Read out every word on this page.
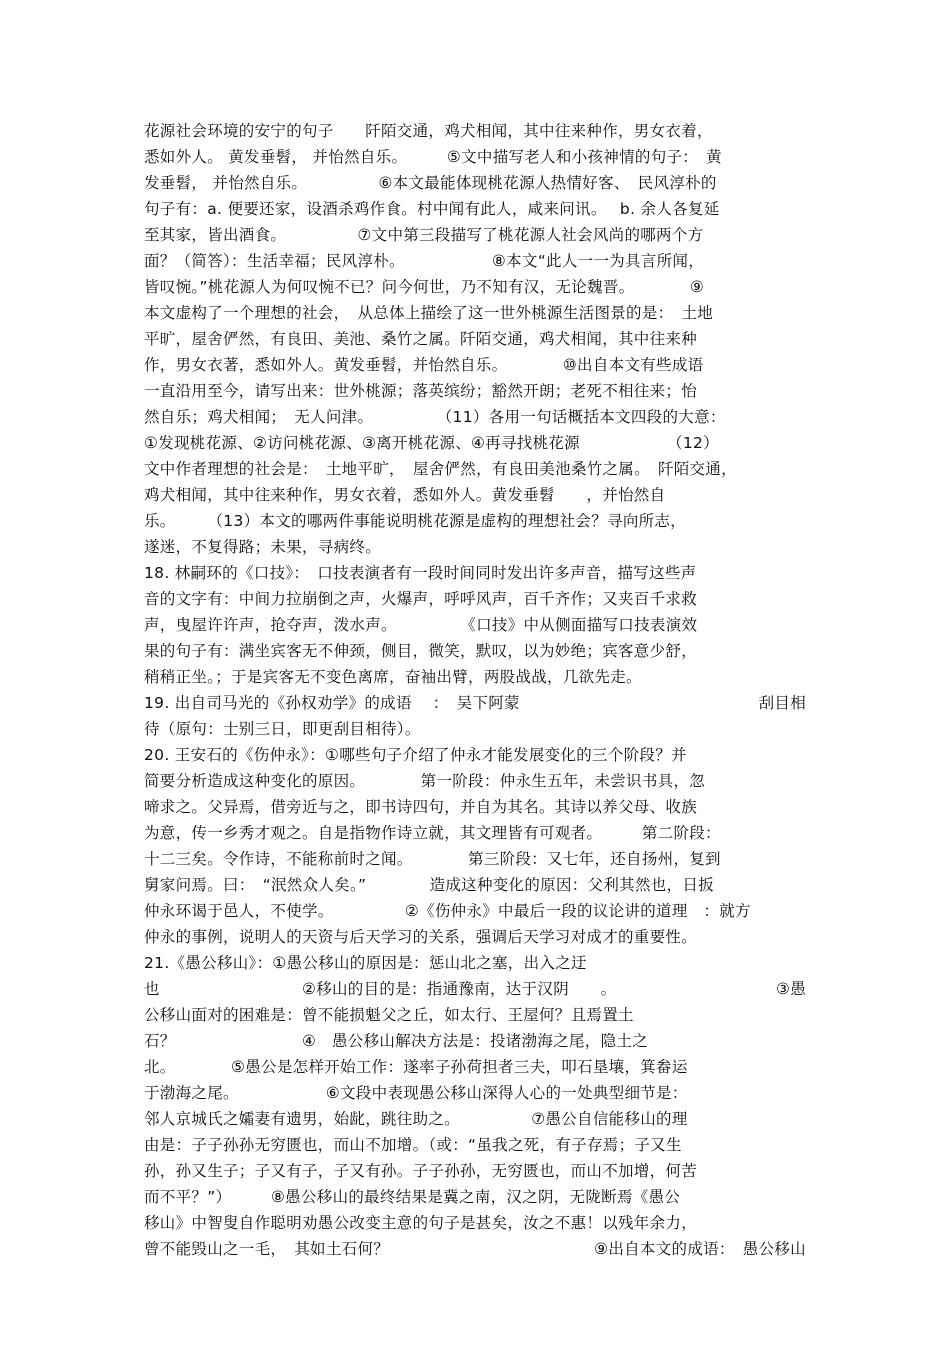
花源社会环境的安宁的句子　　阡陌交通，鸡犬相闻，其中往来种作，男女衣着，
悉如外人。 黄发垂髫， 并怡然自乐。　　　⑤文中描写老人和小孩神情的句子：　黄
发垂髫， 并怡然自乐。　　　　　⑥本文最能体现桃花源人热情好客、　民风淳朴的
句子有：a. 便要还家，设酒杀鸡作食。村中闻有此人，咸来问讯。　 b. 余人各复延
至其家，皆出酒食。　　　　　⑦文中第三段描写了桃花源人社会风尚的哪两个方
面？（简答）：生活幸福；民风淳朴。　　　　　　⑧本文“此人一一为具言所闻，
皆叹惋。”桃花源人为何叹惋不已？问今何世，乃不知有汉，无论魏晋。　　　　⑨
本文虚构了一个理想的社会，　从总体上描绘了这一世外桃源生活图景的是：　土地
平旷，屋舍俨然，有良田、美池、桑竹之属。阡陌交通，鸡犬相闻，其中往来种
作，男女衣著，悉如外人。黄发垂髫，并怡然自乐。　　　　⑩出自本文有些成语
一直沿用至今，请写出来：世外桃源；落英缤纷；豁然开朗；老死不相往来；怡
然自乐；鸡犬相闻；　无人问津。　　　　　（11）各用一句话概括本文四段的大意：
①发现桃花源、②访问桃花源、③离开桃花源、④再寻找桃花源　　　　　　（12）
文中作者理想的社会是：　土地平旷，　屋舍俨然，有良田美池桑竹之属。　阡陌交通，
鸡犬相闻，其中往来种作，男女衣着，悉如外人。黄发垂髫　　，并怡然自
乐。　　　（13）本文的哪两件事能说明桃花源是虚构的理想社会？寻向所志，
遂迷，不复得路；未果，寻病终。
18. 林嗣环的《口技》：　口技表演者有一段时间同时发出许多声音，描写这些声
音的文字有：中间力拉崩倒之声，火爆声，呼呼风声，百千齐作；又夹百千求救
声，曳屋许许声，抢夺声，泼水声。　　　　　《口技》中从侧面描写口技表演效
果的句子有：满坐宾客无不伸颈，侧目，微笑，默叹，以为妙绝；宾客意少舒，
稍稍正坐。；于是宾客无不变色离席，奋袖出臂，两股战战，几欲先走。
19. 出自司马光的《孙权劝学》的成语　 ：　吴下阿蒙	刮目相
待（原句：士别三日，即更刮目相待）。
20. 王安石的《伤仲永》：①哪些句子介绍了仲永才能发展变化的三个阶段？并
简要分析造成这种变化的原因。　　　　第一阶段：仲永生五年，未尝识书具，忽
啼求之。父异焉，借旁近与之，即书诗四句，并自为其名。其诗以养父母、收族
为意，传一乡秀才观之。自是指物作诗立就，其文理皆有可观者。　　　第二阶段：
十二三矣。令作诗，不能称前时之闻。　　　　第三阶段：又七年，还自扬州，复到
舅家问焉。曰：　“泯然众人矣。”　　　　造成这种变化的原因：父利其然也，日扳
仲永环谒于邑人，不使学。　　　　　②《伤仲永》中最后一段的议论讲的道理　：就方
仲永的事例，说明人的天资与后天学习的关系，强调后天学习对成才的重要性。
21.《愚公移山》：①愚公移山的原因是：惩山北之塞，出入之迂
也　　　　　　　　　②移山的目的是：指通豫南，达于汉阴　　。	③愚
公移山面对的困难是：曾不能损魁父之丘，如太行、王屋何？且焉置土
石？　　　　　　　　④　愚公移山解决方法是：投诸渤海之尾，隐土之
北。　　　　⑤愚公是怎样开始工作：遂率子孙荷担者三夫，叩石垦壤，箕畚运
于渤海之尾。　　　　　　⑥文段中表现愚公移山深得人心的一处典型细节是：
邻人京城氏之孀妻有遗男，始龀，跳往助之。　　　　　⑦愚公自信能移山的理
由是：子子孙孙无穷匮也，而山不加增。（或：“虽我之死，有子存焉；子又生
孙，孙又生子；子又有子，子又有孙。子子孙孙，无穷匮也，而山不加增，何苦
而不平？”）　　　⑧愚公移山的最终结果是冀之南，汉之阴，无陇断焉《愚公
移山》中智叟自作聪明劝愚公改变主意的句子是甚矣，汝之不惠！以残年余力，
曾不能毁山之一毛，　其如土石何？	⑨出自本文的成语：　愚公移山
